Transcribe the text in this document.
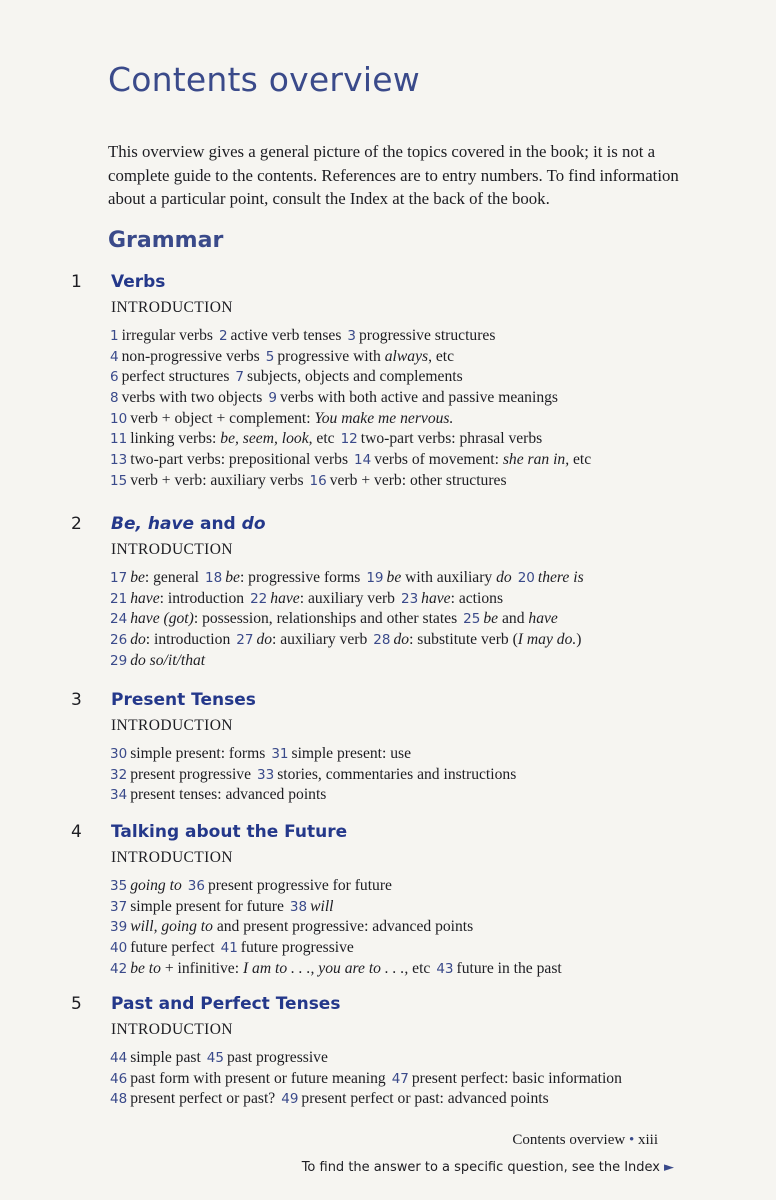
Contents overview

This overview gives a general picture of the topics covered in the book; it is not a complete guide to the contents. References are to entry numbers. To find information about a particular point, consult the Index at the back of the book.

Grammar
1 Verbs
INTRODUCTION
1 irregular verbs 2 active verb tenses 3 progressive structures
4 non-progressive verbs 5 progressive with always, etc
6 perfect structures 7 subjects, objects and complements
8 verbs with two objects 9 verbs with both active and passive meanings
10 verb + object + complement: You make me nervous.
11 linking verbs: be, seem, look, etc 12 two-part verbs: phrasal verbs
13 two-part verbs: prepositional verbs 14 verbs of movement: she ran in, etc
15 verb + verb: auxiliary verbs 16 verb + verb: other structures
2 Be, have and do
INTRODUCTION
17 be: general 18 be: progressive forms 19 be with auxiliary do 20 there is
21 have: introduction 22 have: auxiliary verb 23 have: actions
24 have (got): possession, relationships and other states 25 be and have
26 do: introduction 27 do: auxiliary verb 28 do: substitute verb (I may do.)
29 do so/it/that
3 Present Tenses
INTRODUCTION
30 simple present: forms 31 simple present: use
32 present progressive 33 stories, commentaries and instructions
34 present tenses: advanced points
4 Talking about the Future
INTRODUCTION
35 going to 36 present progressive for future
37 simple present for future 38 will
39 will, going to and present progressive: advanced points
40 future perfect 41 future progressive
42 be to + infinitive: I am to . . ., you are to . . ., etc 43 future in the past
5 Past and Perfect Tenses
INTRODUCTION
44 simple past 45 past progressive
46 past form with present or future meaning 47 present perfect: basic information
48 present perfect or past? 49 present perfect or past: advanced points
Contents overview • xiii
To find the answer to a specific question, see the Index ►
